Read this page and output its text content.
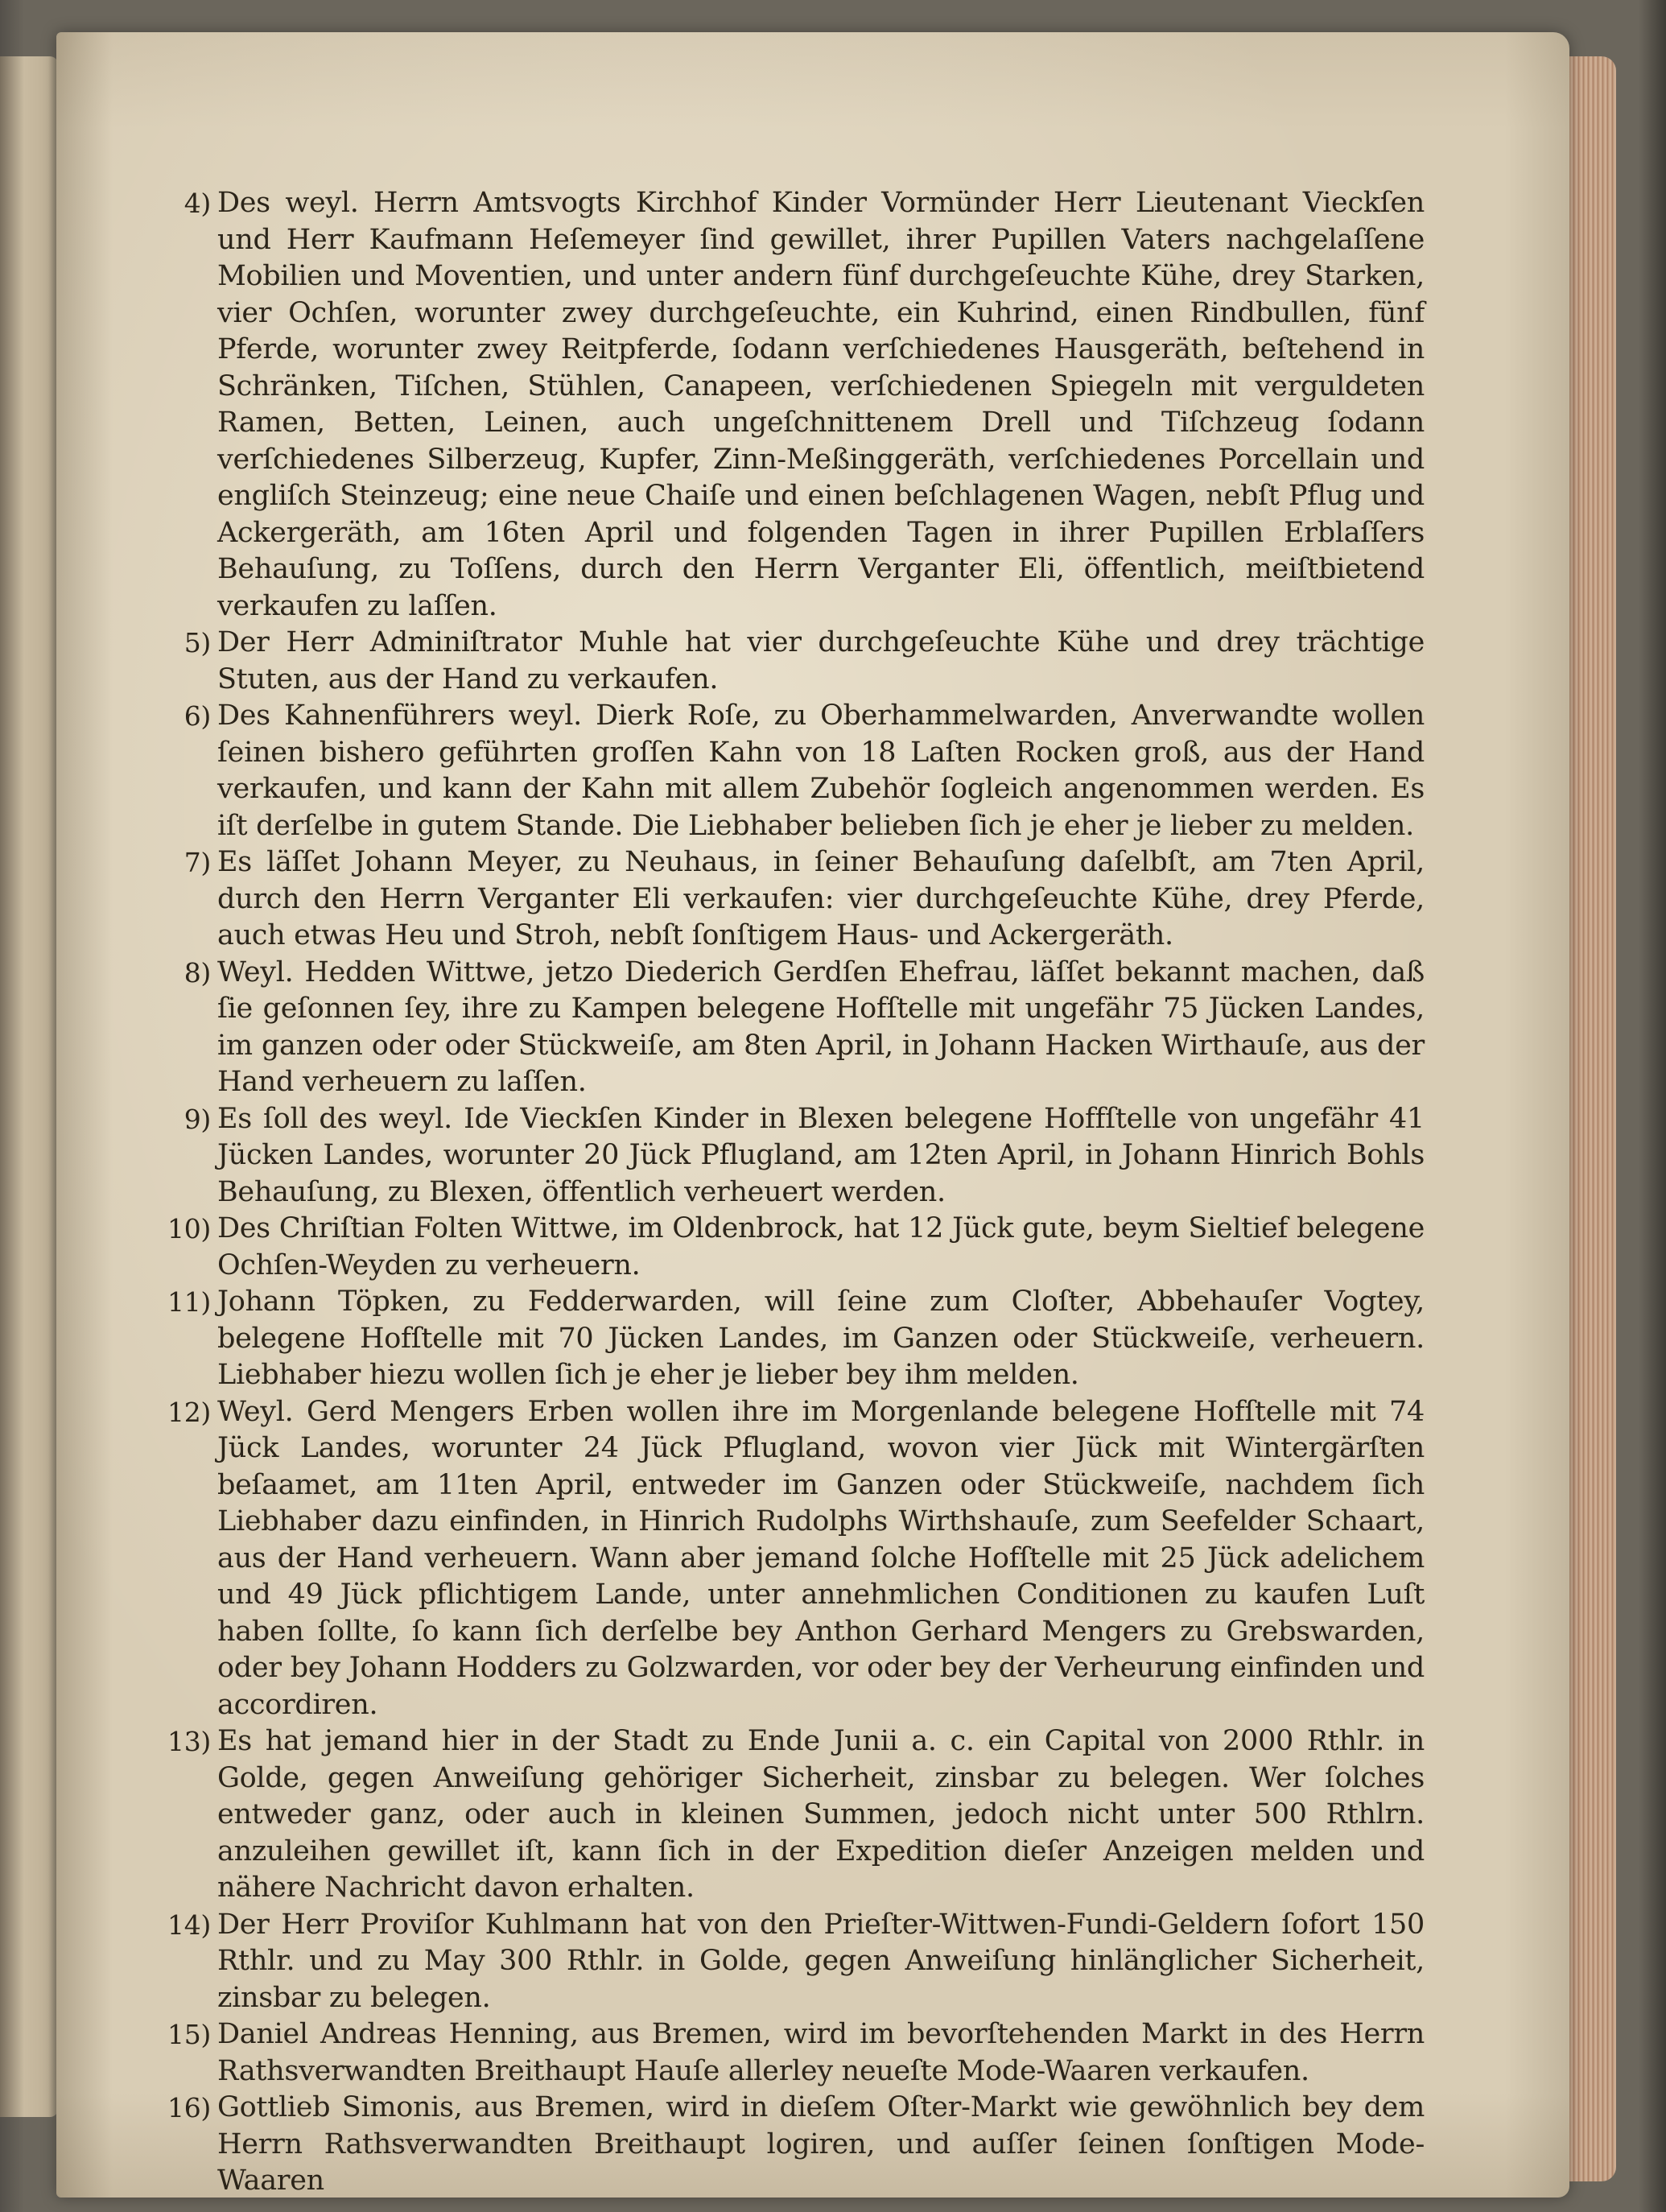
4) Des weyl. Herrn Amtsvogts Kirchhof Kinder Vormünder Herr Lieutenant Vieckſen und Herr Kaufmann Heſemeyer ſind gewillet, ihrer Pupillen Vaters nachgelaſſene Mobilien und Moventien, und unter andern fünf durchgeſeuchte Kühe, drey Starken, vier Ochſen, worunter zwey durchgeſeuchte, ein Kuhrind, einen Rindbullen, fünf Pferde, worunter zwey Reitpferde, ſodann verſchiedenes Hausgeräth, beſtehend in Schränken, Tiſchen, Stühlen, Canapeen, verſchiedenen Spiegeln mit verguldeten Ramen, Betten, Leinen, auch ungeſchnittenem Drell und Tiſchzeug ſodann verſchiedenes Silberzeug, Kupfer, Zinn-Meßinggeräth, verſchiedenes Porcellain und engliſch Steinzeug; eine neue Chaiſe und einen beſchlagenen Wagen, nebſt Pflug und Ackergeräth, am 16ten April und folgenden Tagen in ihrer Pupillen Erblaſſers Behauſung, zu Toſſens, durch den Herrn Verganter Eli, öffentlich, meiſtbietend verkaufen zu laſſen.
5) Der Herr Adminiſtrator Muhle hat vier durchgeſeuchte Kühe und drey trächtige Stuten, aus der Hand zu verkaufen.
6) Des Kahnenführers weyl. Dierk Roſe, zu Oberhammelwarden, Anverwandte wollen ſeinen bishero geführten groſſen Kahn von 18 Laſten Rocken groß, aus der Hand verkaufen, und kann der Kahn mit allem Zubehör ſogleich angenommen werden. Es iſt derſelbe in gutem Stande. Die Liebhaber belieben ſich je eher je lieber zu melden.
7) Es läſſet Johann Meyer, zu Neuhaus, in ſeiner Behauſung daſelbſt, am 7ten April, durch den Herrn Verganter Eli verkaufen: vier durchgeſeuchte Kühe, drey Pferde, auch etwas Heu und Stroh, nebſt ſonſtigem Haus- und Ackergeräth.
8) Weyl. Hedden Wittwe, jetzo Diederich Gerdſen Ehefrau, läſſet bekannt machen, daß ſie geſonnen ſey, ihre zu Kampen belegene Hofſtelle mit ungefähr 75 Jücken Landes, im ganzen oder oder Stückweiſe, am 8ten April, in Johann Hacken Wirthauſe, aus der Hand verheuern zu laſſen.
9) Es ſoll des weyl. Ide Vieckſen Kinder in Blexen belegene Hoffſtelle von ungefähr 41 Jücken Landes, worunter 20 Jück Pflugland, am 12ten April, in Johann Hinrich Bohls Behauſung, zu Blexen, öffentlich verheuert werden.
10) Des Chriſtian Folten Wittwe, im Oldenbrock, hat 12 Jück gute, beym Sieltief belegene Ochſen-Weyden zu verheuern.
11) Johann Töpken, zu Fedderwarden, will ſeine zum Cloſter, Abbehauſer Vogtey, belegene Hofſtelle mit 70 Jücken Landes, im Ganzen oder Stückweiſe, verheuern. Liebhaber hiezu wollen ſich je eher je lieber bey ihm melden.
12) Weyl. Gerd Mengers Erben wollen ihre im Morgenlande belegene Hofſtelle mit 74 Jück Landes, worunter 24 Jück Pflugland, wovon vier Jück mit Wintergärſten beſaamet, am 11ten April, entweder im Ganzen oder Stückweiſe, nachdem ſich Liebhaber dazu einfinden, in Hinrich Rudolphs Wirthshauſe, zum Seefelder Schaart, aus der Hand verheuern. Wann aber jemand ſolche Hofſtelle mit 25 Jück adelichem und 49 Jück pflichtigem Lande, unter annehmlichen Conditionen zu kaufen Luſt haben ſollte, ſo kann ſich derſelbe bey Anthon Gerhard Mengers zu Grebswarden, oder bey Johann Hodders zu Golzwarden, vor oder bey der Verheurung einfinden und accordiren.
13) Es hat jemand hier in der Stadt zu Ende Junii a. c. ein Capital von 2000 Rthlr. in Golde, gegen Anweiſung gehöriger Sicherheit, zinsbar zu belegen. Wer ſolches entweder ganz, oder auch in kleinen Summen, jedoch nicht unter 500 Rthlrn. anzuleihen gewillet iſt, kann ſich in der Expedition dieſer Anzeigen melden und nähere Nachricht davon erhalten.
14) Der Herr Proviſor Kuhlmann hat von den Prieſter-Wittwen-Fundi-Geldern ſofort 150 Rthlr. und zu May 300 Rthlr. in Golde, gegen Anweiſung hinlänglicher Sicherheit, zinsbar zu belegen.
15) Daniel Andreas Henning, aus Bremen, wird im bevorſtehenden Markt in des Herrn Rathsverwandten Breithaupt Hauſe allerley neueſte Mode-Waaren verkaufen.
16) Gottlieb Simonis, aus Bremen, wird in dieſem Oſter-Markt wie gewöhnlich bey dem Herrn Rathsverwandten Breithaupt logiren, und auſſer ſeinen ſonſtigen Mode-Waaren
